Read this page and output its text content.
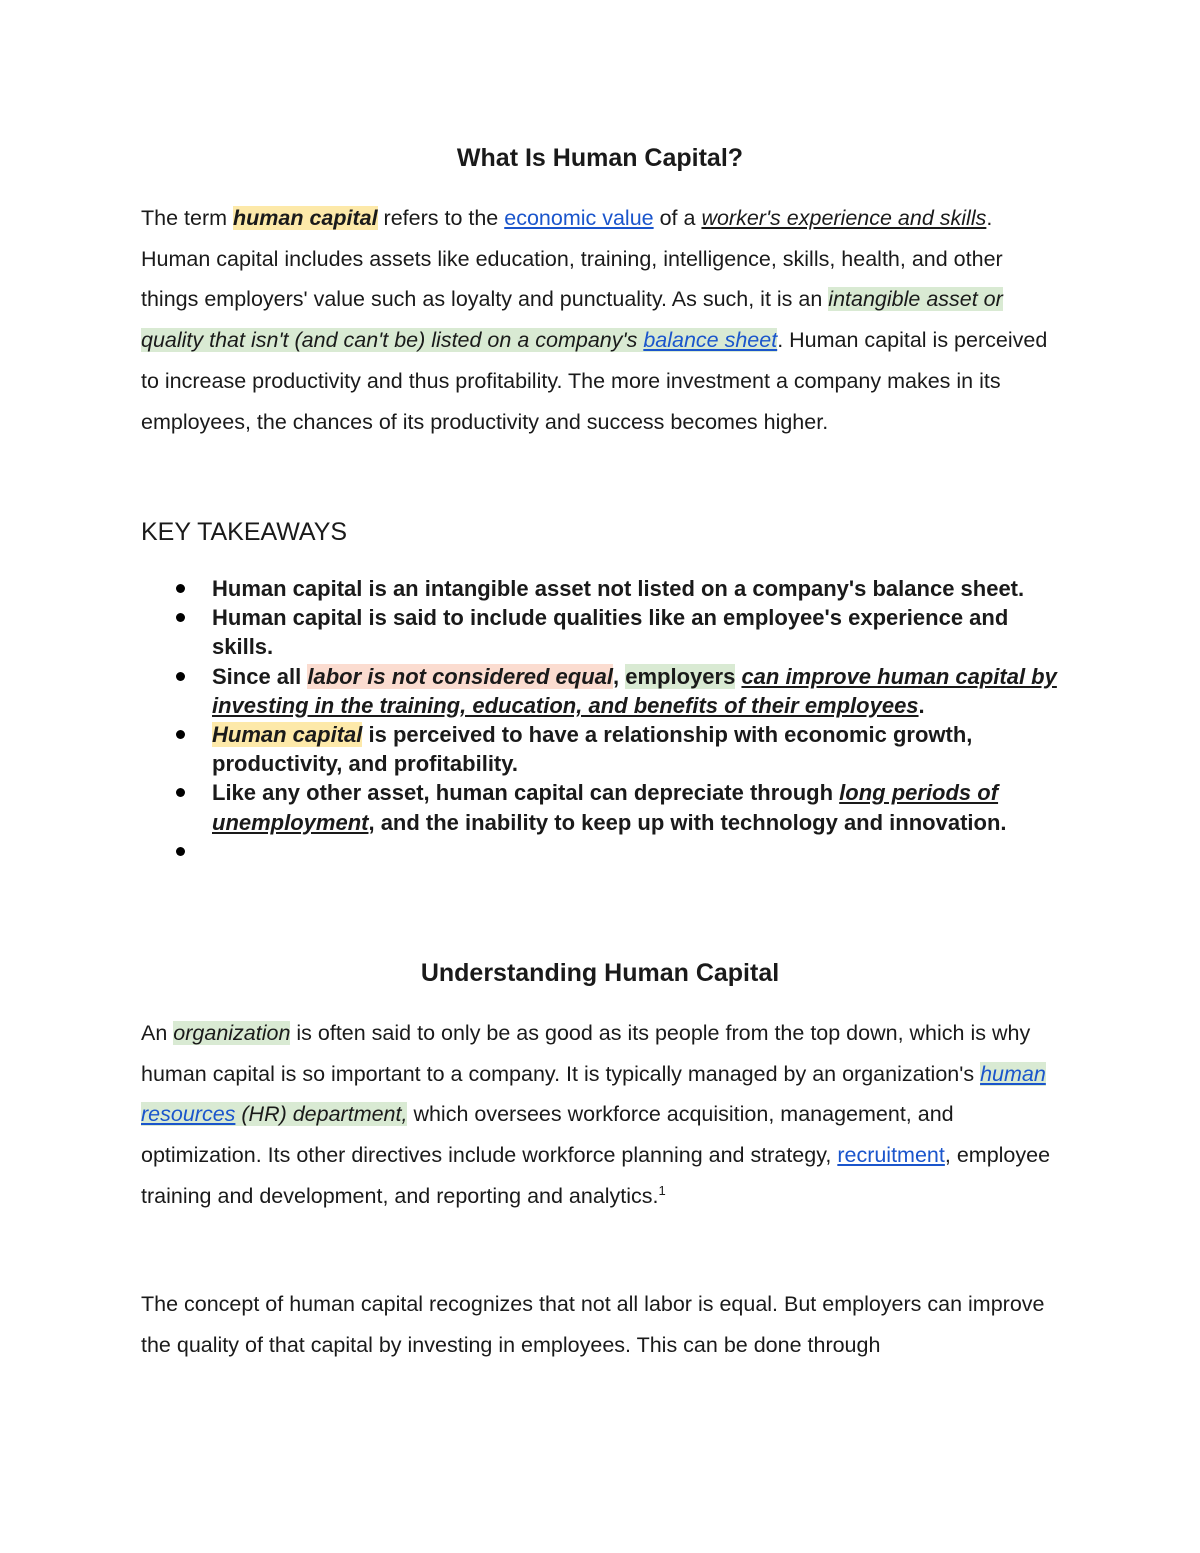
What Is Human Capital?

The term human capital refers to the economic value of a worker's experience and skills. Human capital includes assets like education, training, intelligence, skills, health, and other things employers' value such as loyalty and punctuality. As such, it is an intangible asset or quality that isn't (and can't be) listed on a company's balance sheet. Human capital is perceived to increase productivity and thus profitability. The more investment a company makes in its employees, the chances of its productivity and success becomes higher.

KEY TAKEAWAYS
Human capital is an intangible asset not listed on a company's balance sheet.
Human capital is said to include qualities like an employee's experience and skills.
Since all labor is not considered equal, employers can improve human capital by investing in the training, education, and benefits of their employees.
Human capital is perceived to have a relationship with economic growth, productivity, and profitability.
Like any other asset, human capital can depreciate through long periods of unemployment, and the inability to keep up with technology and innovation.
Understanding Human Capital

An organization is often said to only be as good as its people from the top down, which is why human capital is so important to a company. It is typically managed by an organization's human resources (HR) department, which oversees workforce acquisition, management, and optimization. Its other directives include workforce planning and strategy, recruitment, employee training and development, and reporting and analytics.$^1$

The concept of human capital recognizes that not all labor is equal. But employers can improve the quality of that capital by investing in employees. This can be done through
